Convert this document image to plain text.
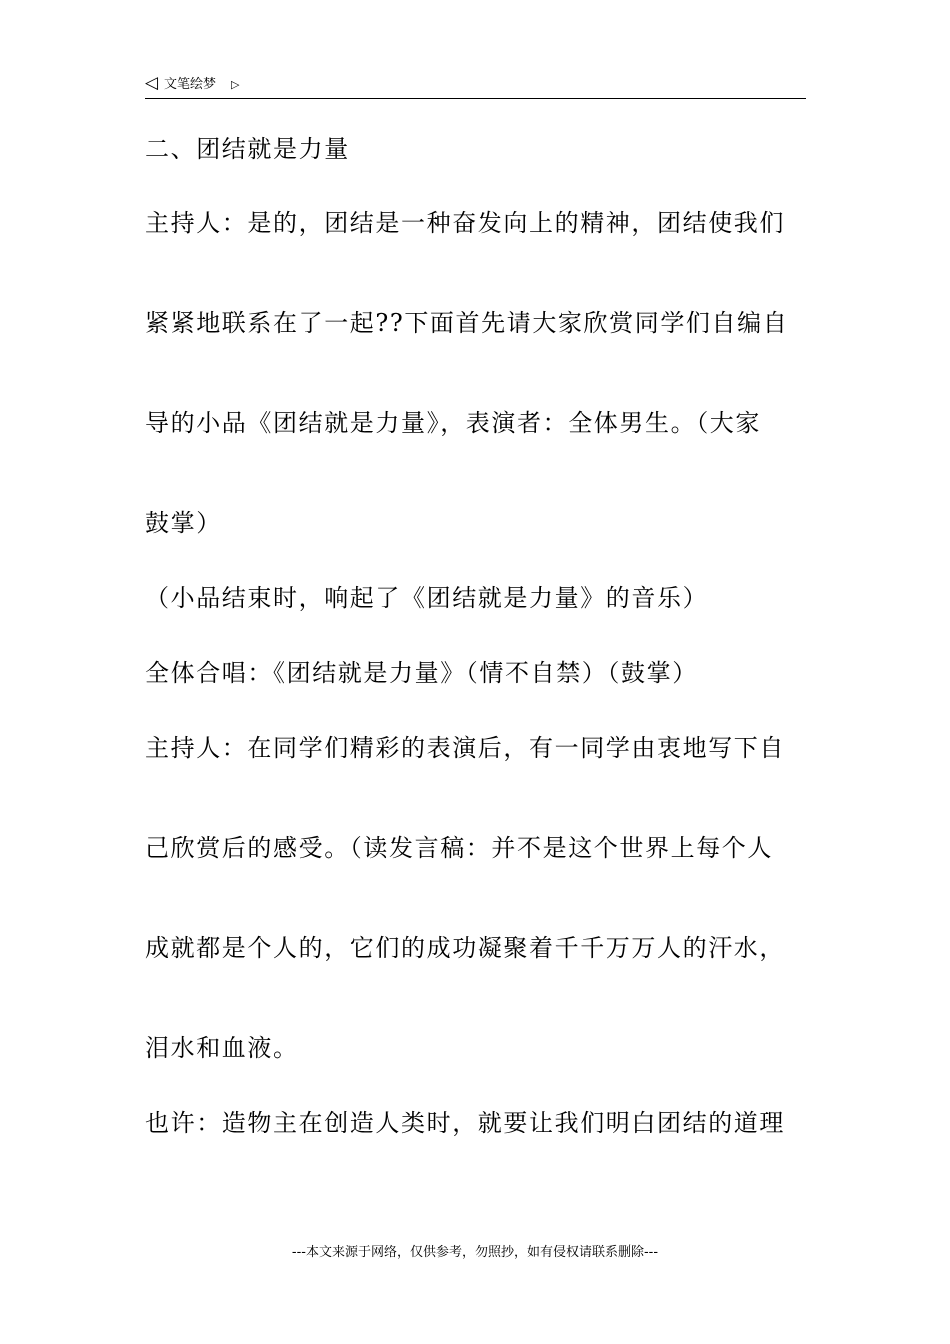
◁ 文笔绘梦 ▷
二、团结就是力量
主持人：是的，团结是一种奋发向上的精神，团结使我们
紧紧地联系在了一起??下面首先请大家欣赏同学们自编自
导的小品《团结就是力量》，表演者：全体男生。（大家
鼓掌）
（小品结束时，响起了《团结就是力量》的音乐）
全体合唱：《团结就是力量》（情不自禁）（鼓掌）
主持人：在同学们精彩的表演后，有一同学由衷地写下自
己欣赏后的感受。（读发言稿：并不是这个世界上每个人
成就都是个人的，它们的成功凝聚着千千万万人的汗水，
泪水和血液。
也许：造物主在创造人类时，就要让我们明白团结的道理
---本文来源于网络，仅供参考，勿照抄，如有侵权请联系删除---
